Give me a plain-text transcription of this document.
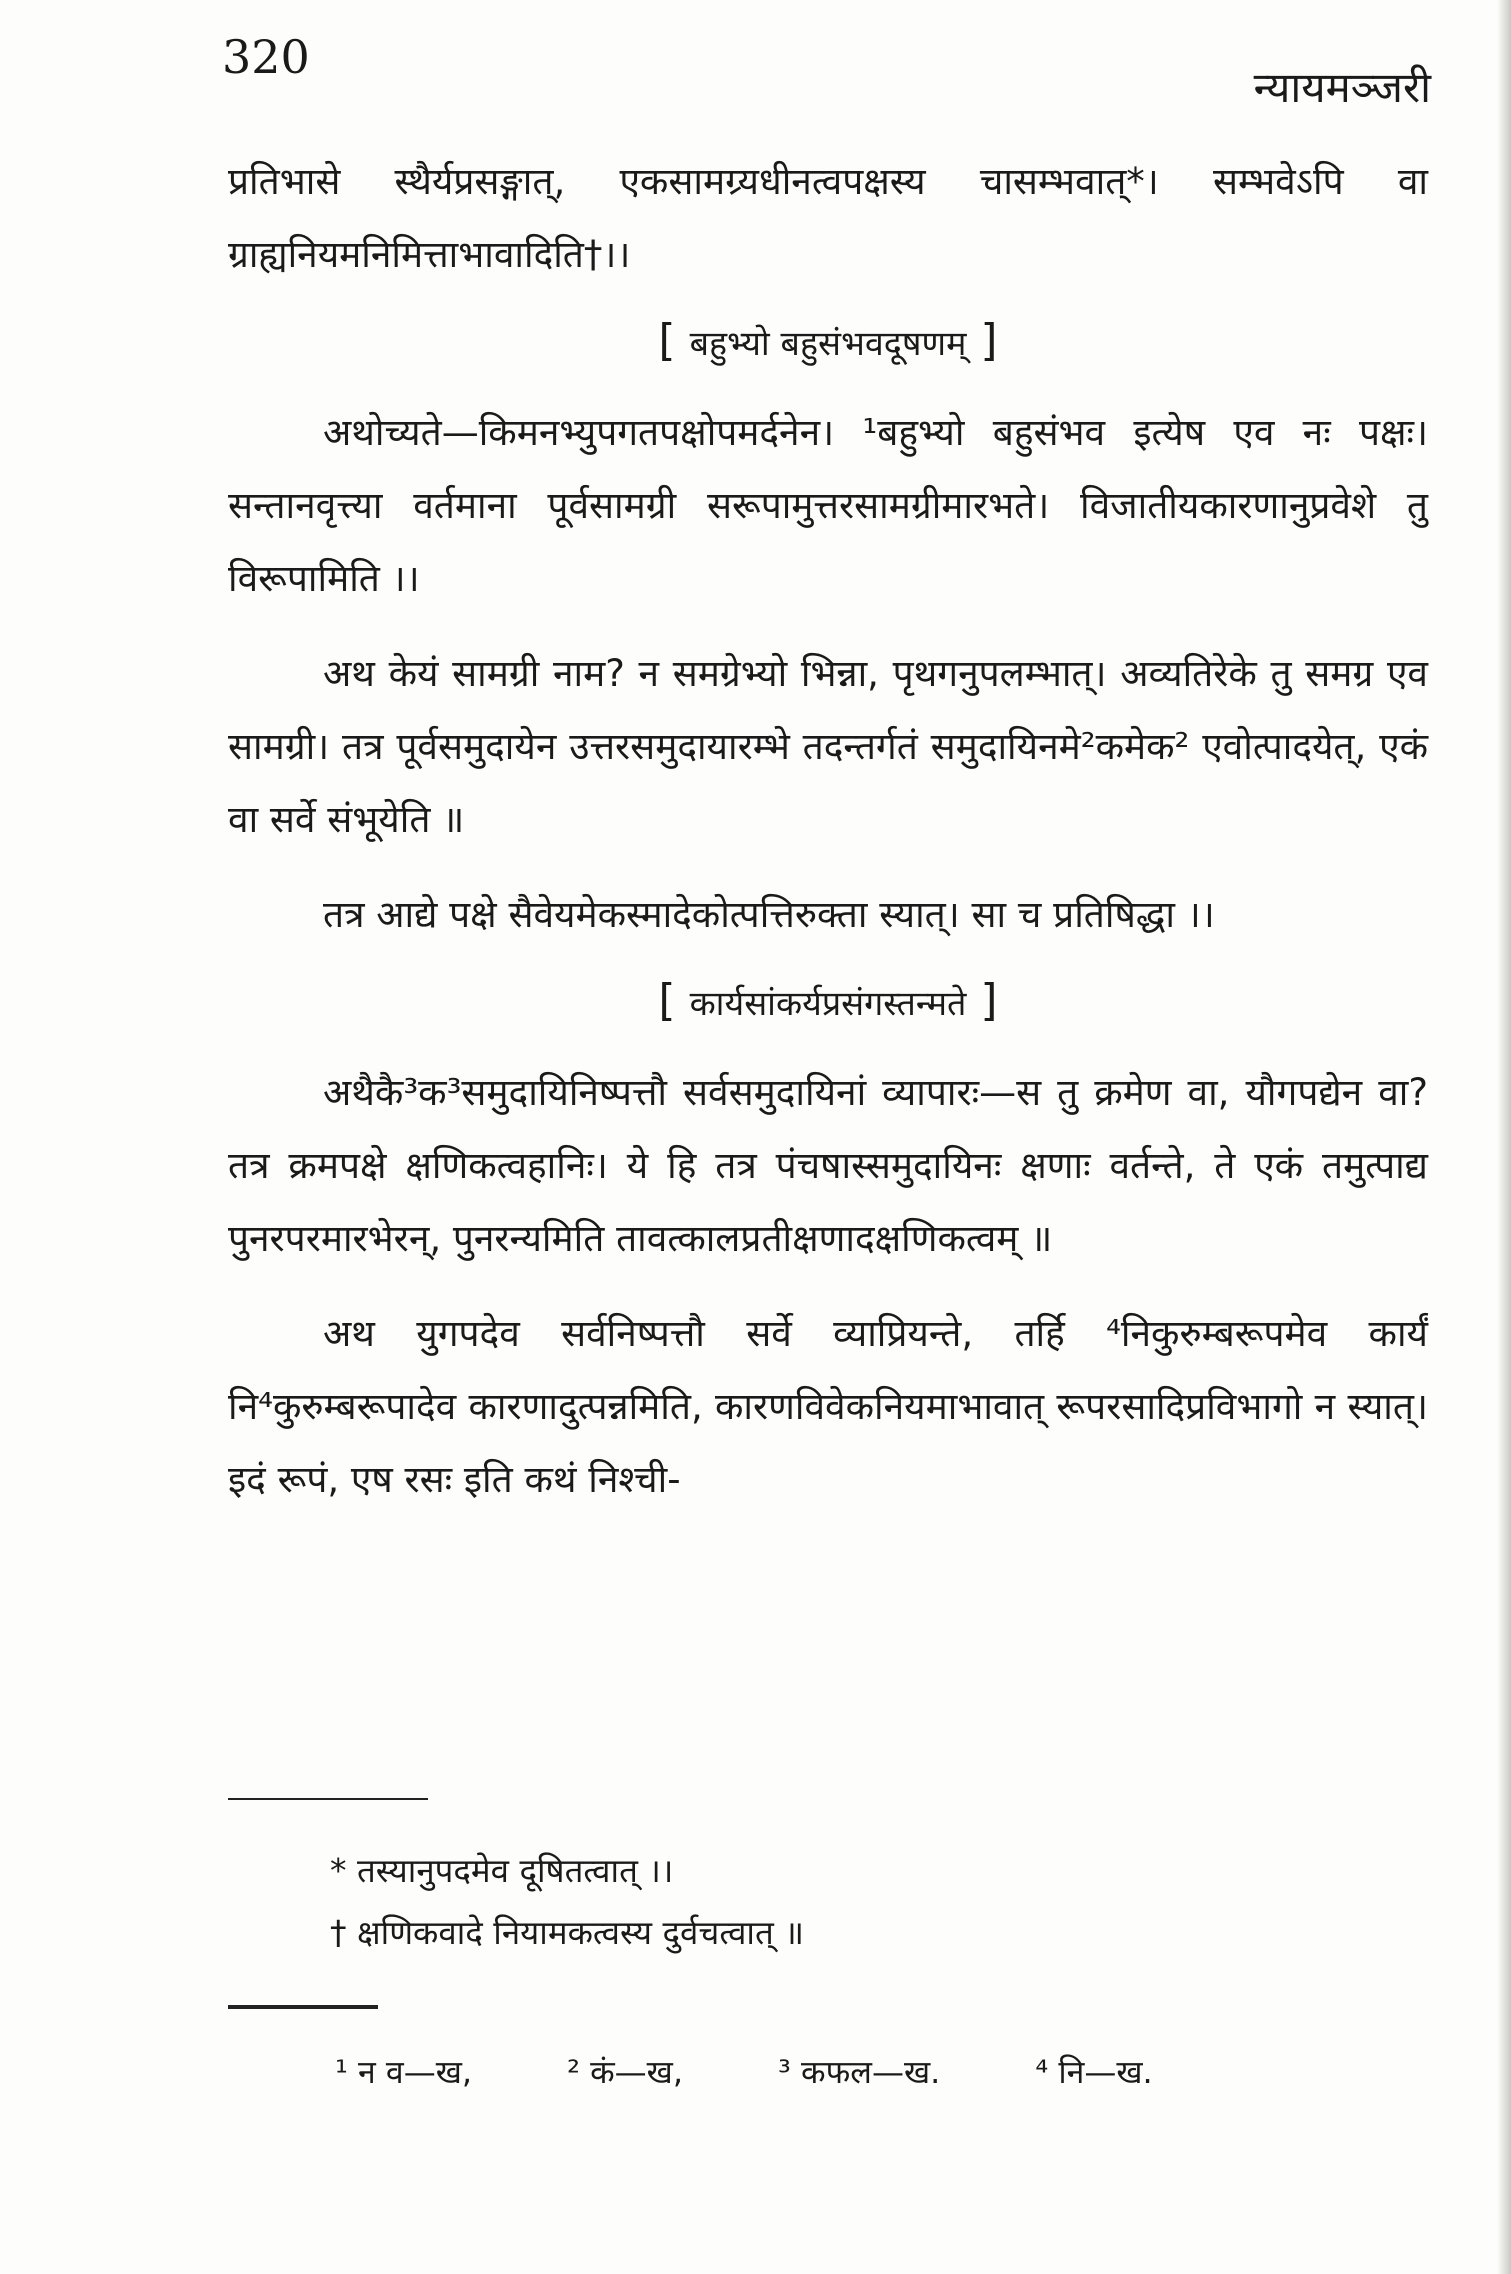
320
न्यायमञ्जरी

प्रतिभासे स्थैर्यप्रसङ्गात्, एकसामग्र्यधीनत्वपक्षस्य चासम्भवात्*। सम्भवेऽपि वा ग्राह्यनियमनिमित्ताभावादिति†।।

[ बहुभ्यो बहुसंभवदूषणम् ]

अथोच्यते—किमनभ्युपगतपक्षोपमर्दनेन। ¹बहुभ्यो बहुसंभव इत्येष एव नः पक्षः। सन्तानवृत्त्या वर्तमाना पूर्वसामग्री सरूपामुत्तरसामग्रीमारभते। विजातीयकारणानुप्रवेशे तु विरूपामिति ।।

अथ केयं सामग्री नाम? न समग्रेभ्यो भिन्ना, पृथगनुपलम्भात्। अव्यतिरेके तु समग्र एव सामग्री। तत्र पूर्वसमुदायेन उत्तरसमुदायारम्भे तदन्तर्गतं समुदायिनमे²कमेक² एवोत्पादयेत्, एकं वा सर्वे संभूयेति ॥

तत्र आद्ये पक्षे सैवेयमेकस्मादेकोत्पत्तिरुक्ता स्यात्। सा च प्रतिषिद्धा ।।

[ कार्यसांकर्यप्रसंगस्तन्मते ]

अथैकै³क³समुदायिनिष्पत्तौ सर्वसमुदायिनां व्यापारः—स तु क्रमेण वा, यौगपद्येन वा? तत्र क्रमपक्षे क्षणिकत्वहानिः। ये हि तत्र पंचषास्समुदायिनः क्षणाः वर्तन्ते, ते एकं तमुत्पाद्य पुनरपरमारभेरन्, पुनरन्यमिति तावत्कालप्रतीक्षणादक्षणिकत्वम् ॥

अथ युगपदेव सर्वनिष्पत्तौ सर्वे व्याप्रियन्ते, तर्हि ⁴निकुरुम्बरूपमेव कार्यं नि⁴कुरुम्बरूपादेव कारणादुत्पन्नमिति, कारणविवेकनियमाभावात् रूपरसादिप्रविभागो न स्यात्। इदं रूपं, एष रसः इति कथं निश्ची-

* तस्यानुपदमेव दूषितत्वात् ।।
† क्षणिकवादे नियामकत्वस्य दुर्वचत्वात् ॥
¹ न व—ख,	² कं—ख,	³ कफल—ख.	⁴ नि—ख.
